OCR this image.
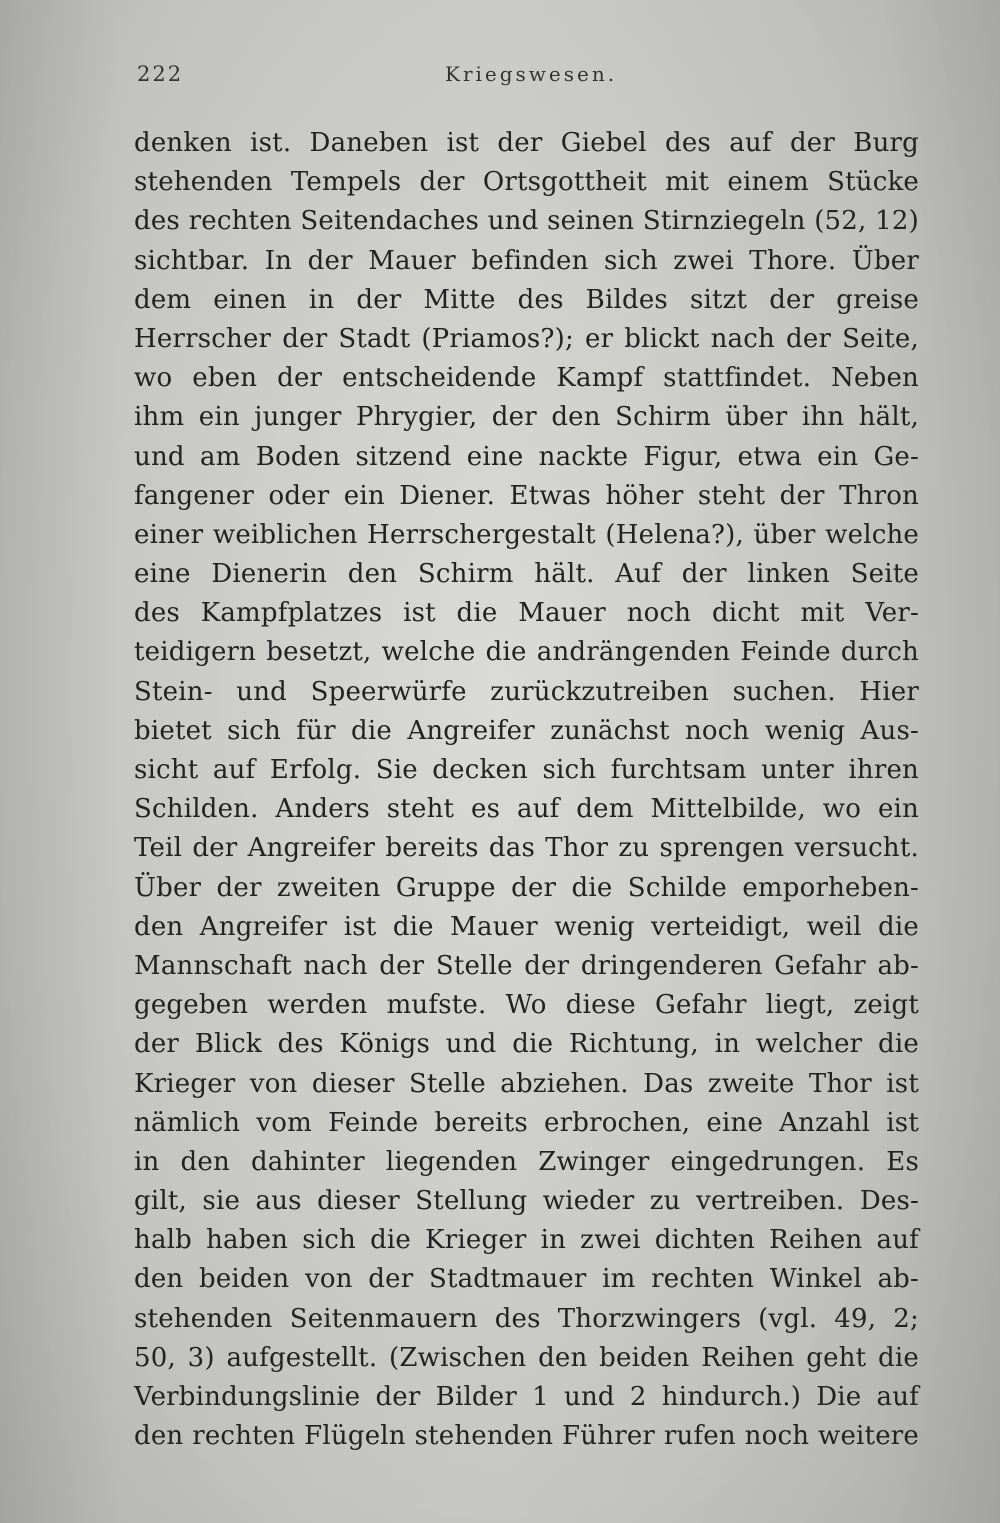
222	Kriegswesen.
denken ist. Daneben ist der Giebel des auf der Burg
stehenden Tempels der Ortsgottheit mit einem Stücke
des rechten Seitendaches und seinen Stirnziegeln (52, 12)
sichtbar. In der Mauer befinden sich zwei Thore. Über
dem einen in der Mitte des Bildes sitzt der greise
Herrscher der Stadt (Priamos?); er blickt nach der Seite,
wo eben der entscheidende Kampf stattfindet. Neben
ihm ein junger Phrygier, der den Schirm über ihn hält,
und am Boden sitzend eine nackte Figur, etwa ein Ge-
fangener oder ein Diener. Etwas höher steht der Thron
einer weiblichen Herrschergestalt (Helena?), über welche
eine Dienerin den Schirm hält. Auf der linken Seite
des Kampfplatzes ist die Mauer noch dicht mit Ver-
teidigern besetzt, welche die andrängenden Feinde durch
Stein- und Speerwürfe zurückzutreiben suchen. Hier
bietet sich für die Angreifer zunächst noch wenig Aus-
sicht auf Erfolg. Sie decken sich furchtsam unter ihren
Schilden. Anders steht es auf dem Mittelbilde, wo ein
Teil der Angreifer bereits das Thor zu sprengen versucht.
Über der zweiten Gruppe der die Schilde emporheben-
den Angreifer ist die Mauer wenig verteidigt, weil die
Mannschaft nach der Stelle der dringenderen Gefahr ab-
gegeben werden mufste. Wo diese Gefahr liegt, zeigt
der Blick des Königs und die Richtung, in welcher die
Krieger von dieser Stelle abziehen. Das zweite Thor ist
nämlich vom Feinde bereits erbrochen, eine Anzahl ist
in den dahinter liegenden Zwinger eingedrungen. Es
gilt, sie aus dieser Stellung wieder zu vertreiben. Des-
halb haben sich die Krieger in zwei dichten Reihen auf
den beiden von der Stadtmauer im rechten Winkel ab-
stehenden Seitenmauern des Thorzwingers (vgl. 49, 2;
50, 3) aufgestellt. (Zwischen den beiden Reihen geht die
Verbindungslinie der Bilder 1 und 2 hindurch.) Die auf
den rechten Flügeln stehenden Führer rufen noch weitere
